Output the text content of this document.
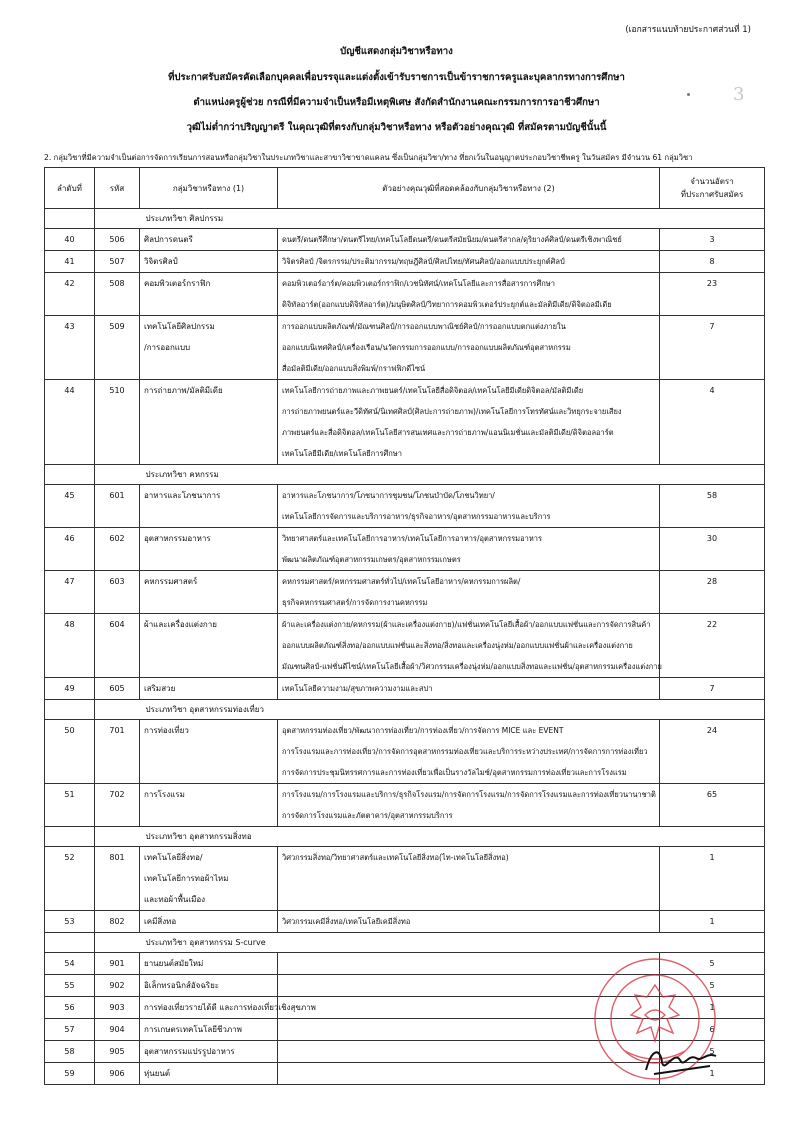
(เอกสารแนบท้ายประกาศส่วนที่ 1)
บัญชีแสดงกลุ่มวิชาหรือทาง
ที่ประกาศรับสมัครคัดเลือกบุคคลเพื่อบรรจุและแต่งตั้งเข้ารับราชการเป็นข้าราชการครูและบุคลากรทางการศึกษา
ตำแหน่งครูผู้ช่วย กรณีที่มีความจำเป็นหรือมีเหตุพิเศษ สังกัดสำนักงานคณะกรรมการการอาชีวศึกษา
วุฒิไม่ต่ำกว่าปริญญาตรี ในคุณวุฒิที่ตรงกับกลุ่มวิชาหรือทาง หรือตัวอย่างคุณวุฒิ ที่สมัครตามบัญชีนั้นนี้
3
2. กลุ่มวิชาที่มีความจำเป็นต่อการจัดการเรียนการสอนหรือกลุ่มวิชาในประเภทวิชาและสาขาวิชาขาดแคลน ซึ่งเป็นกลุ่มวิชา/ทาง ที่ยกเว้นในอนุญาตประกอบวิชาชีพครู ในวันสมัคร มีจำนวน 61 กลุ่มวิชา
ลำดับที่	รหัส	กลุ่มวิชาหรือทาง (1)	ตัวอย่างคุณวุฒิที่สอดคล้องกับกลุ่มวิชาหรือทาง (2)	จำนวนอัตรา
ที่ประกาศรับสมัคร

		ประเภทวิชา ศิลปกรรม		
40	506	ศิลปการดนตรี	ดนตรี/ดนตรีศึกษา/ดนตรีไทย/เทคโนโลยีดนตรี/ดนตรีสมัยนิยม/ดนตรีสากล/ดุริยางค์ศิลป์/ดนตรีเชิงพาณิชย์	3
41	507	วิจิตรศิลป์	วิจิตรศิลป์ /จิตรกรรม/ประติมากรรม/ทฤษฎีศิลป์/ศิลปไทย/ทัศนศิลป์/ออกแบบประยุกต์ศิลป์	8
42	508	คอมพิวเตอร์กราฟิก	คอมพิวเตอร์อาร์ต/คอมพิวเตอร์กราฟิก/เวชนิทัศน์/เทคโนโลยีและการสื่อสารการศึกษา
ดิจิทัลอาร์ต(ออกแบบดิจิทัลอาร์ต)/มนุษิตศิลป์/วิทยาการคอมพิวเตอร์ประยุกต์และมัลติมีเดีย/ดิจิตอลมีเดีย	23
43	509	เทคโนโลยีศิลปกรรม
/การออกแบบ	การออกแบบผลิตภัณฑ์/มัณฑนศิลป์/การออกแบบพาณิชย์ศิลป์/การออกแบบตกแต่งภายใน
ออกแบบนิเทศศิลป์/เครื่องเรือน/นวัตกรรมการออกแบบ/การออกแบบผลิตภัณฑ์อุตสาหกรรม
สื่อมัลติมีเดีย/ออกแบบสิ่งพิมพ์/กราฟฟิกดีไซน์	7
44	510	การถ่ายภาพ/มัลติมีเดีย	เทคโนโลยีการถ่ายภาพและภาพยนตร์/เทคโนโลยีสื่อดิจิตอล/เทคโนโลยีมีเดียดิจิตอล/มัลติมีเดีย
การถ่ายภาพยนตร์และวีดิทัศน์/นิเทศศิลป์(ศิลปะการถ่ายภาพ)/เทคโนโลยีการโทรทัศน์และวิทยุกระจายเสียง
ภาพยนตร์และสื่อดิจิตอล/เทคโนโลยีสารสนเทศและการถ่ายภาพ/แอนนิเมชั่นและมัลติมีเดีย/ดิจิตอลอาร์ต
เทคโนโลยีมีเดีย/เทคโนโลยีการศึกษา	4
		ประเภทวิชา คหกรรม		
45	601	อาหารและโภชนาการ	อาหารและโภชนาการ/โภชนาการชุมชน/โภชนบำบัด/โภชนวิทยา/
เทคโนโลยีการจัดการและบริการอาหาร/ธุรกิจอาหาร/อุตสาหกรรมอาหารและบริการ	58
46	602	อุตสาหกรรมอาหาร	วิทยาศาสตร์และเทคโนโลยีการอาหาร/เทคโนโลยีการอาหาร/อุตสาหกรรมอาหาร
พัฒนาผลิตภัณฑ์อุตสาหกรรมเกษตร/อุตสาหกรรมเกษตร	30
47	603	คหกรรมศาสตร์	คหกรรมศาสตร์/คหกรรมศาสตร์ทั่วไป/เทคโนโลยีอาหาร/คหกรรมการผลิต/
ธุรกิจคหกรรมศาสตร์/การจัดการงานคหกรรม	28
48	604	ผ้าและเครื่องแต่งกาย	ผ้าและเครื่องแต่งกาย/คหกรรม(ผ้าและเครื่องแต่งกาย)/แฟชั่นเทคโนโลยีเสื้อผ้า/ออกแบบแฟชั่นและการจัดการสินค้า
ออกแบบผลิตภัณฑ์สิ่งทอ/ออกแบบแฟชั่นและสิ่งทอ/สิ่งทอและเครื่องนุ่งห่ม/ออกแบบแฟชั่นผ้าและเครื่องแต่งกาย
มัณฑนศิลป์-แฟชั่นดีไซน์/เทคโนโลยีเสื้อผ้า/วิศวกรรมเครื่องนุ่งห่ม/ออกแบบสิ่งทอและแฟชั่น/อุตสาหกรรมเครื่องแต่งกาย	22
49	605	เสริมสวย	เทคโนโลยีความงาม/สุขภาพความงามและสปา	7
		ประเภทวิชา อุตสาหกรรมท่องเที่ยว		
50	701	การท่องเที่ยว	อุตสาหกรรมท่องเที่ยว/พัฒนาการท่องเที่ยว/การท่องเที่ยว/การจัดการ MICE และ EVENT
การโรงแรมและการท่องเที่ยว/การจัดการอุตสาหกรรมท่องเที่ยวและบริการระหว่างประเทศ/การจัดการการท่องเที่ยว
การจัดการประชุมนิทรรศการและการท่องเที่ยวเพื่อเป็นรางวัลไมซ์/อุตสาหกรรมการท่องเที่ยวและการโรงแรม	24
51	702	การโรงแรม	การโรงแรม/การโรงแรมและบริการ/ธุรกิจโรงแรม/การจัดการโรงแรม/การจัดการโรงแรมและการท่องเที่ยวนานาชาติ
การจัดการโรงแรมและภัตตาคาร/อุตสาหกรรมบริการ	65
		ประเภทวิชา อุตสาหกรรมสิ่งทอ		
52	801	เทคโนโลยีสิ่งทอ/
เทคโนโลยีการทอผ้าไหม
และทอผ้าพื้นเมือง	วิศวกรรมสิ่งทอ/วิทยาศาสตร์และเทคโนโลยีสิ่งทอ(ไท-เทคโนโลยีสิ่งทอ)	1
53	802	เคมีสิ่งทอ	วิศวกรรมเคมีสิ่งทอ/เทคโนโลยีเคมีสิ่งทอ	1
		ประเภทวิชา อุตสาหกรรม S-curve		
54	901	ยานยนต์สมัยใหม่		5
55	902	อิเล็กทรอนิกส์อัจฉริยะ		5
56	903	การท่องเที่ยวรายได้ดี และการท่องเที่ยวเชิงสุขภาพ		1
57	904	การเกษตรเทคโนโลยีชีวภาพ		6
58	905	อุตสาหกรรมแปรรูปอาหาร		5
59	906	หุ่นยนต์		1
